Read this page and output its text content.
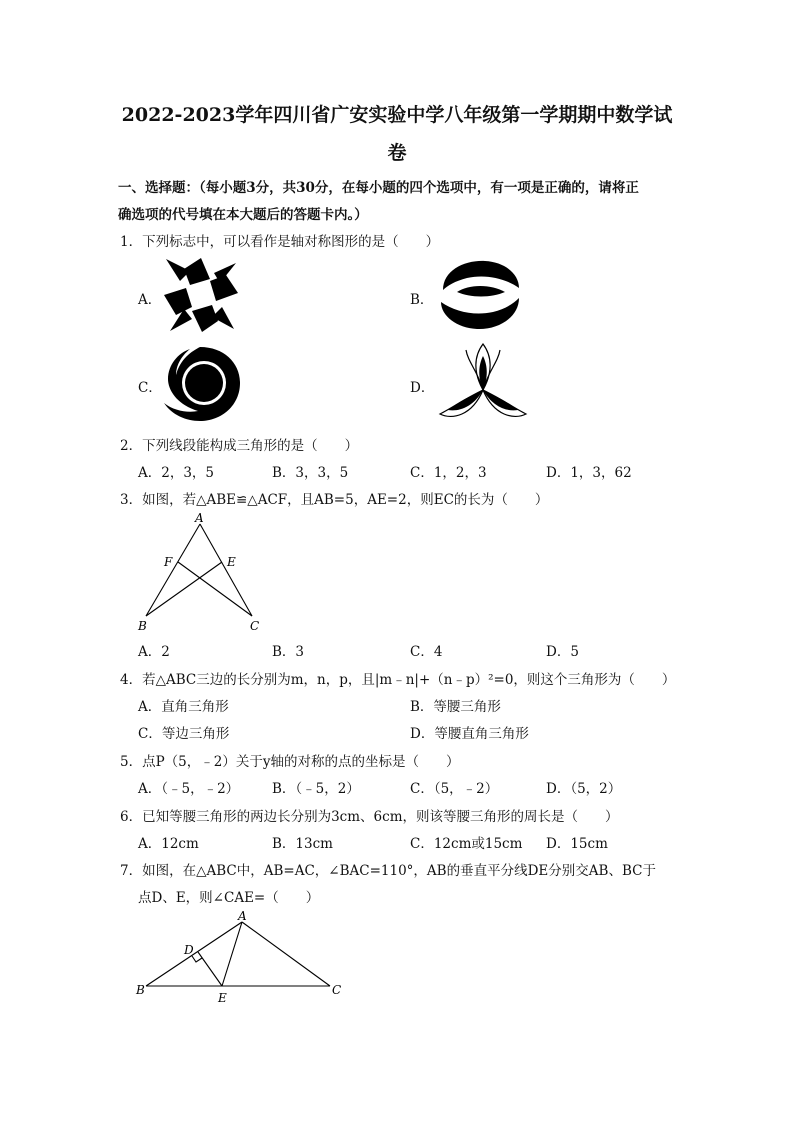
2022-2023学年四川省广安实验中学八年级第一学期期中数学试
卷
一、选择题：（每小题3分，共30分，在每小题的四个选项中，有一项是正确的，请将正
确选项的代号填在本大题后的答题卡内。）
1．下列标志中，可以看作是轴对称图形的是（　　）
A．	B．
C．	D．
2．下列线段能构成三角形的是（　　）
A．2，3，5	B．3，3，5	C．1，2，3	D．1，3，62
3．如图，若△ABE≌△ACF，且AB=5，AE=2，则EC的长为（　　）
A
F	E
B	C
A．2	B．3	C．4	D．5
4．若△ABC三边的长分别为m，n，p，且|m﹣n|+（n﹣p）²=0，则这个三角形为（　　）
A．直角三角形	B．等腰三角形
C．等边三角形	D．等腰直角三角形
5．点P（5，﹣2）关于y轴的对称的点的坐标是（　　）
A．（﹣5，﹣2） B．（﹣5，2）	C．（5，﹣2）	D．（5，2）
6．已知等腰三角形的两边长分别为3cm、6cm，则该等腰三角形的周长是（　　）
A．12cm	B．13cm	C．12cm或15cm D．15cm
7．如图，在△ABC中，AB=AC，∠BAC=110°，AB的垂直平分线DE分别交AB、BC于
点D、E，则∠CAE=（　　）
A
D
B
E
C
